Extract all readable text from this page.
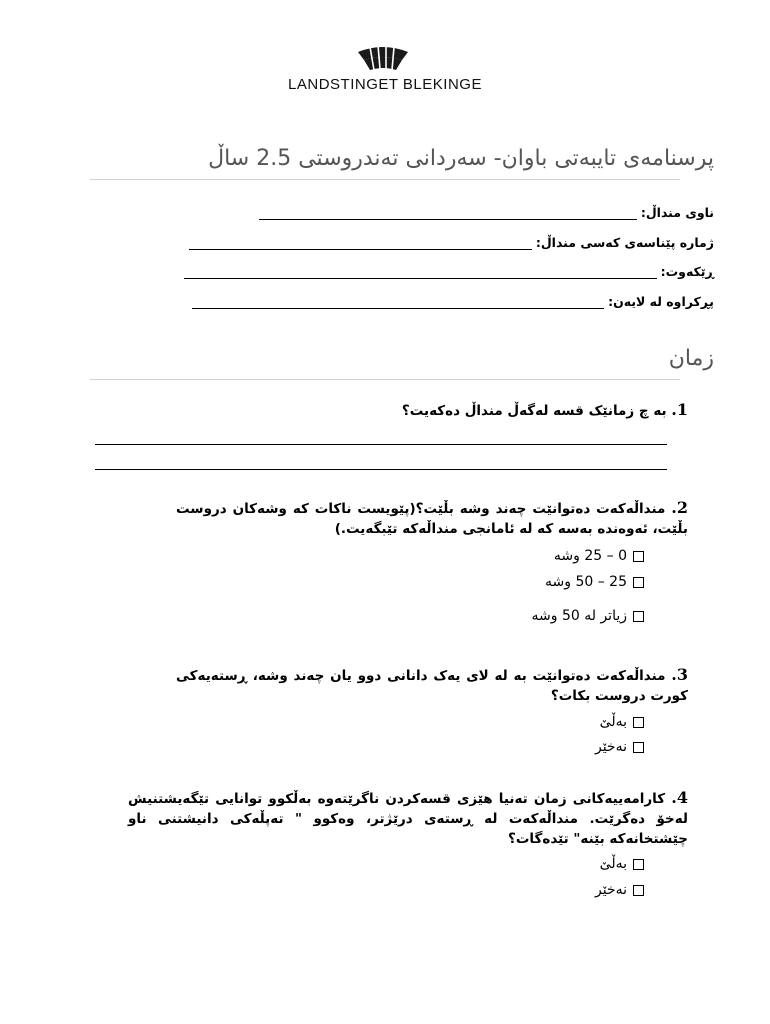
LANDSTINGET BLEKINGE
پرسنامەی تایبەتی باوان- سەردانی تەندروستی 2.5 ساڵ
ناوی منداڵ:
ژمارە پێناسەی کەسی منداڵ:
ڕێکەوت:
پڕکراوە لە لایەن:
زمان
1. بە چ زمانێک قسە لەگەڵ منداڵ دەکەیت؟
2. منداڵەکەت دەتوانێت چەند وشە بڵێت؟(پێویست ناکات کە وشەکان دروست بڵێت، ئەوەندە بەسە کە لە ئامانجی منداڵەکە تێبگەیت.)
0 – 25 وشە
25 – 50 وشە
زیاتر لە 50 وشە
3. منداڵەکەت دەتوانێت بە لە لای یەک دانانی دوو یان چەند وشە، ڕستەیەکی کورت دروست بکات؟
بەڵێ
نەخێر
4. کارامەییەکانی زمان تەنیا هێزی قسەکردن ناگرێتەوە بەڵکوو توانایی تێگەیشتنیش لەخۆ دەگرێت. منداڵەکەت لە ڕستەی درێژتر، وەکوو " تەپڵەکی دانیشتنی ناو چێشتخانەکە بێنە" تێدەگات؟
بەڵێ
نەخێر
